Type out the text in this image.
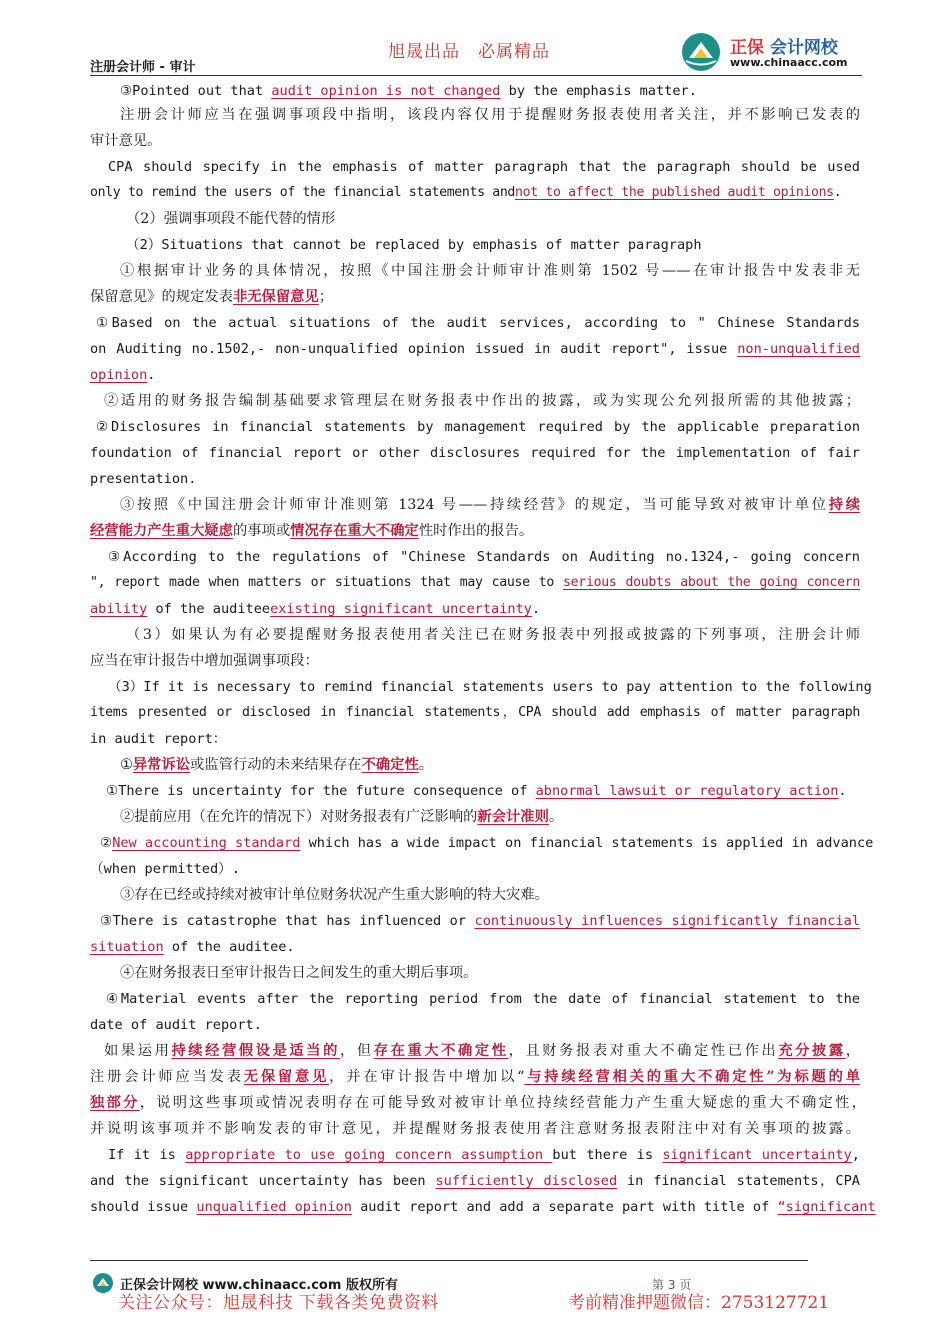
旭晟出品 必属精品
注册会计师 - 审计
正保 会计网校
www.chinaacc.com
③Pointed out that audit opinion is not changed by the emphasis matter.
注册会计师应当在强调事项段中指明，该段内容仅用于提醒财务报表使用者关注，并不影响已发表的
审计意见。
CPA should specify in the emphasis of matter paragraph that the paragraph should be used
only to remind the users of the financial statements andnot to affect the published audit opinions.
（2）强调事项段不能代替的情形
（2）Situations that cannot be replaced by emphasis of matter paragraph
①根据审计业务的具体情况，按照《中国注册会计师审计准则第 1502 号——在审计报告中发表非无
保留意见》的规定发表非无保留意见；
①Based on the actual situations of the audit services, according to " Chinese Standards
on Auditing no.1502,- non-unqualified opinion issued in audit report", issue non-unqualified
opinion.
②适用的财务报告编制基础要求管理层在财务报表中作出的披露，或为实现公允列报所需的其他披露；
②Disclosures in financial statements by management required by the applicable preparation
foundation of financial report or other disclosures required for the implementation of fair
presentation.
③按照《中国注册会计师审计准则第 1324 号——持续经营》的规定，当可能导致对被审计单位持续
经营能力产生重大疑虑的事项或情况存在重大不确定性时作出的报告。
③According to the regulations of "Chinese Standards on Auditing no.1324,- going concern
", report made when matters or situations that may cause to serious doubts about the going concern
ability of the auditeeexisting significant uncertainty.
（3）如果认为有必要提醒财务报表使用者关注已在财务报表中列报或披露的下列事项，注册会计师
应当在审计报告中增加强调事项段：
（3）If it is necessary to remind financial statements users to pay attention to the following
items presented or disclosed in financial statements，CPA should add emphasis of matter paragraph
in audit report：
①异常诉讼或监管行动的未来结果存在不确定性。
①There is uncertainty for the future consequence of abnormal lawsuit or regulatory action.
②提前应用（在允许的情况下）对财务报表有广泛影响的新会计准则。
②New accounting standard which has a wide impact on financial statements is applied in advance
（when permitted）.
③存在已经或持续对被审计单位财务状况产生重大影响的特大灾难。
③There is catastrophe that has influenced or continuously influences significantly financial
situation of the auditee.
④在财务报表日至审计报告日之间发生的重大期后事项。
④Material events after the reporting period from the date of financial statement to the
date of audit report.
如果运用持续经营假设是适当的，但存在重大不确定性，且财务报表对重大不确定性已作出充分披露，
注册会计师应当发表无保留意见，并在审计报告中增加以“与持续经营相关的重大不确定性”为标题的单
独部分，说明这些事项或情况表明存在可能导致对被审计单位持续经营能力产生重大疑虑的重大不确定性，
并说明该事项并不影响发表的审计意见，并提醒财务报表使用者注意财务报表附注中对有关事项的披露。
If it is appropriate to use going concern assumption but there is significant uncertainty,
and the significant uncertainty has been sufficiently disclosed in financial statements，CPA
should issue unqualified opinion audit report and add a separate part with title of “significant
正保会计网校 www.chinaacc.com 版权所有	第 3 页
关注公众号：旭晟科技 下载各类免费资料	考前精准押题微信：2753127721
